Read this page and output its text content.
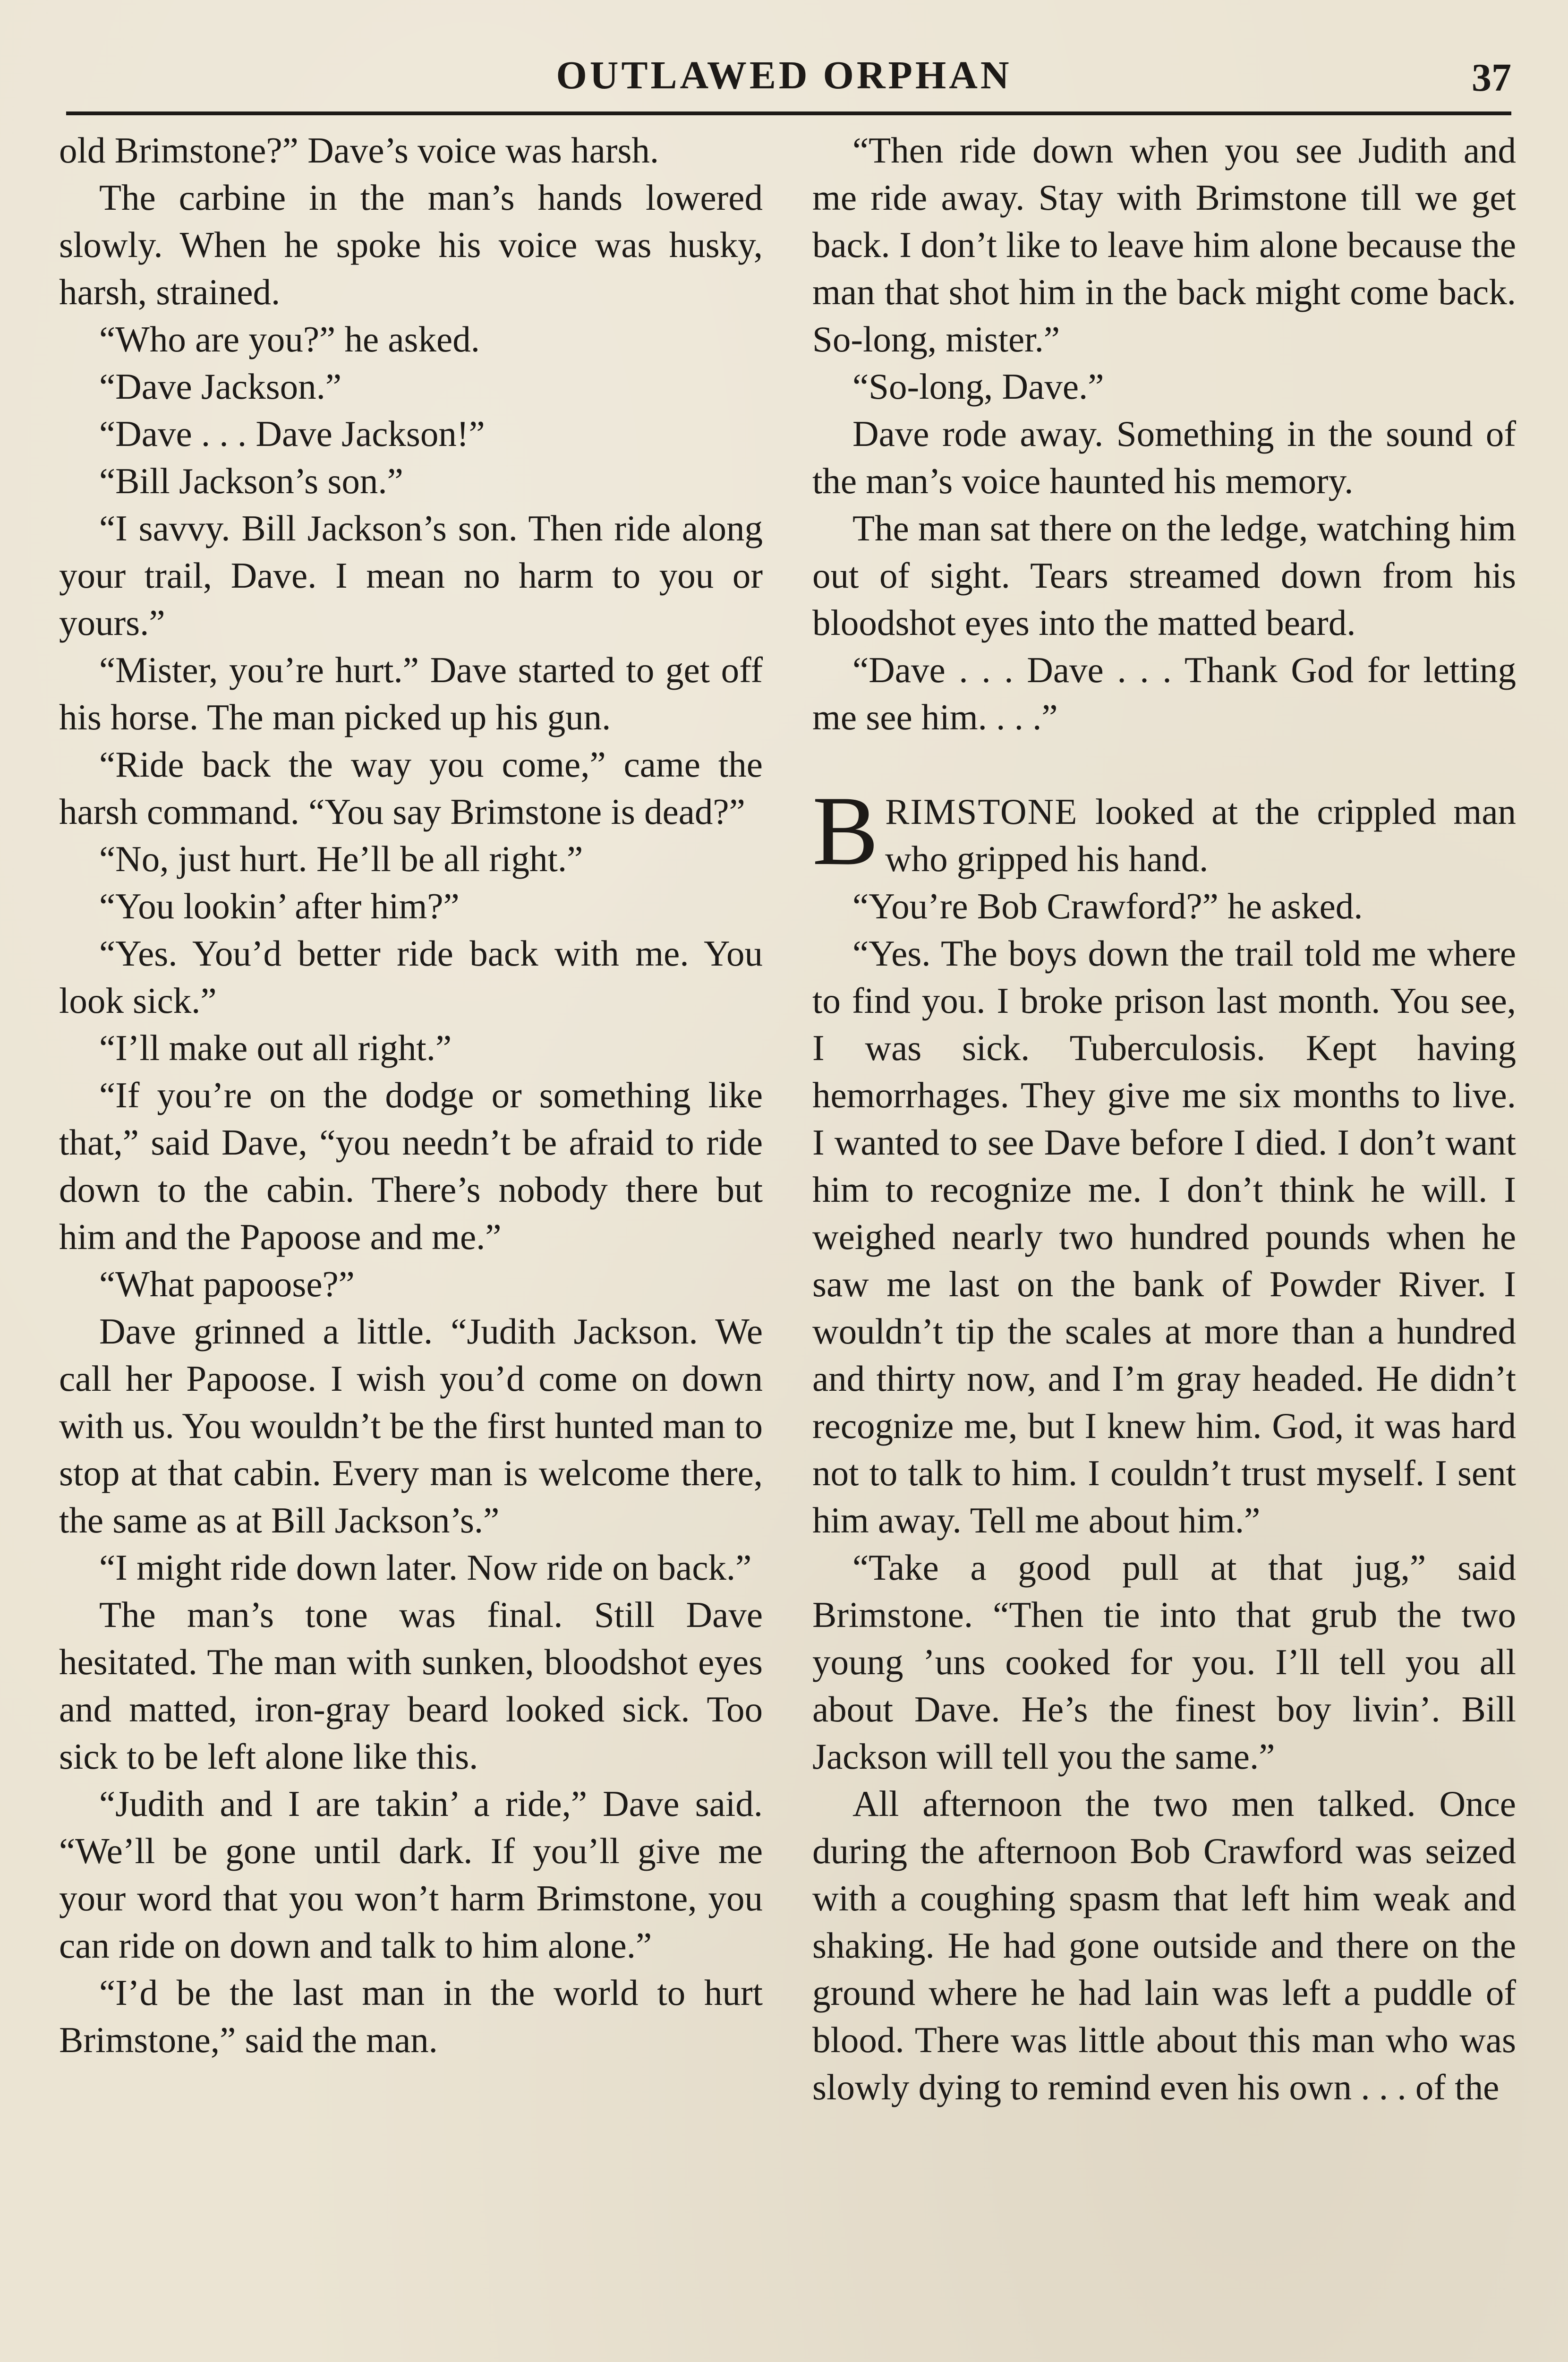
OUTLAWED ORPHAN	37

old Brimstone?” Dave’s voice was harsh.

The carbine in the man’s hands lowered slowly. When he spoke his voice was husky, harsh, strained.

“Who are you?” he asked.

“Dave Jackson.”

“Dave . . . Dave Jackson!”

“Bill Jackson’s son.”

“I savvy. Bill Jackson’s son. Then ride along your trail, Dave. I mean no harm to you or yours.”

“Mister, you’re hurt.” Dave started to get off his horse. The man picked up his gun.

“Ride back the way you come,” came the harsh command. “You say Brimstone is dead?”

“No, just hurt. He’ll be all right.”

“You lookin’ after him?”

“Yes. You’d better ride back with me. You look sick.”

“I’ll make out all right.”

“If you’re on the dodge or something like that,” said Dave, “you needn’t be afraid to ride down to the cabin. There’s nobody there but him and the Papoose and me.”

“What papoose?”

Dave grinned a little. “Judith Jackson. We call her Papoose. I wish you’d come on down with us. You wouldn’t be the first hunted man to stop at that cabin. Every man is welcome there, the same as at Bill Jackson’s.”

“I might ride down later. Now ride on back.”

The man’s tone was final. Still Dave hesitated. The man with sunken, bloodshot eyes and matted, iron-gray beard looked sick. Too sick to be left alone like this.

“Judith and I are takin’ a ride,” Dave said. “We’ll be gone until dark. If you’ll give me your word that you won’t harm Brimstone, you can ride on down and talk to him alone.”

“I’d be the last man in the world to hurt Brimstone,” said the man.

“Then ride down when you see Judith and me ride away. Stay with Brimstone till we get back. I don’t like to leave him alone because the man that shot him in the back might come back. So-long, mister.”

“So-long, Dave.”

Dave rode away. Something in the sound of the man’s voice haunted his memory.

The man sat there on the ledge, watching him out of sight. Tears streamed down from his bloodshot eyes into the matted beard.

“Dave . . . Dave . . . Thank God for letting me see him. . . .”

BRIMSTONE looked at the crippled man who gripped his hand.

“You’re Bob Crawford?” he asked.

“Yes. The boys down the trail told me where to find you. I broke prison last month. You see, I was sick. Tuberculosis. Kept having hemorrhages. They give me six months to live. I wanted to see Dave before I died. I don’t want him to recognize me. I don’t think he will. I weighed nearly two hundred pounds when he saw me last on the bank of Powder River. I wouldn’t tip the scales at more than a hundred and thirty now, and I’m gray headed. He didn’t recognize me, but I knew him. God, it was hard not to talk to him. I couldn’t trust myself. I sent him away. Tell me about him.”

“Take a good pull at that jug,” said Brimstone. “Then tie into that grub the two young ’uns cooked for you. I’ll tell you all about Dave. He’s the finest boy livin’. Bill Jackson will tell you the same.”

All afternoon the two men talked. Once during the afternoon Bob Crawford was seized with a coughing spasm that left him weak and shaking. He had gone outside and there on the ground where he had lain was left a puddle of blood. There was little about this man who was slowly dying to remind even his own . . . of the
